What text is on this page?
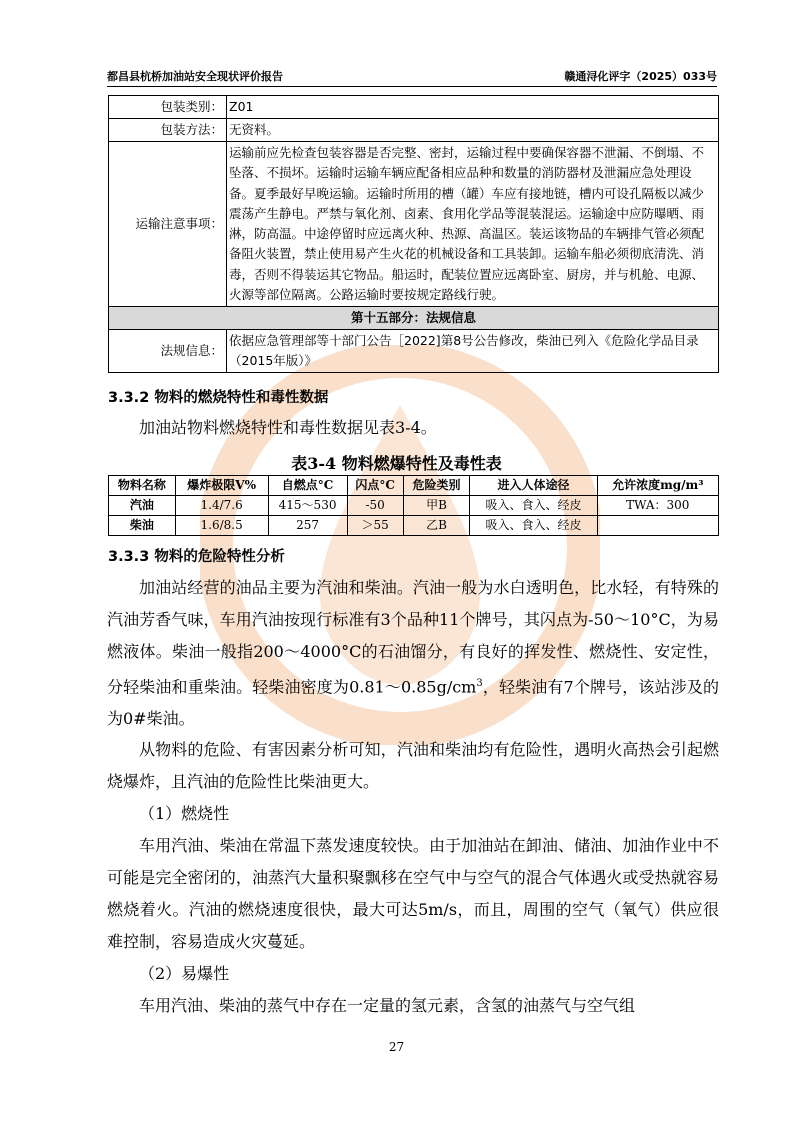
都昌县杭桥加油站安全现状评价报告	赣通浔化评字（2025）033号
包装类别：	Z01
包装方法：	无资料。
运输注意事项：	运输前应先检查包装容器是否完整、密封，运输过程中要确保容器不泄漏、不倒塌、不坠落、不损坏。运输时运输车辆应配备相应品种和数量的消防器材及泄漏应急处理设备。夏季最好早晚运输。运输时所用的槽（罐）车应有接地链，槽内可设孔隔板以减少震荡产生静电。严禁与氧化剂、卤素、食用化学品等混装混运。运输途中应防曝晒、雨淋，防高温。中途停留时应远离火种、热源、高温区。装运该物品的车辆排气管必须配备阻火装置，禁止使用易产生火花的机械设备和工具装卸。运输车船必须彻底清洗、消毒，否则不得装运其它物品。船运时，配装位置应远离卧室、厨房，并与机舱、电源、火源等部位隔离。公路运输时要按规定路线行驶。
第十五部分：法规信息	
法规信息：	依据应急管理部等十部门公告［2022]第8号公告修改，柴油已列入《危险化学品目录（2015年版）》
3.3.2 物料的燃烧特性和毒性数据
加油站物料燃烧特性和毒性数据见表3-4。
表3-4 物料燃爆特性及毒性表
物料名称	爆炸极限V%	自燃点°C	闪点°C	危险类别	进入人体途径	允许浓度mg/m³
汽油	1.4/7.6	415～530	-50	甲B	吸入、食入、经皮	TWA：300
柴油	1.6/8.5	257	＞55	乙B	吸入、食入、经皮	
3.3.3 物料的危险特性分析
加油站经营的油品主要为汽油和柴油。汽油一般为水白透明色，比水轻，有特殊的汽油芳香气味，车用汽油按现行标准有3个品种11个牌号，其闪点为-50～10°C，为易燃液体。柴油一般指200～4000°C的石油馏分，有良好的挥发性、燃烧性、安定性，分轻柴油和重柴油。轻柴油密度为$0.81\sim 0.85g/cm^3$，轻柴油有7个牌号，该站涉及的为0#柴油。
从物料的危险、有害因素分析可知，汽油和柴油均有危险性，遇明火高热会引起燃烧爆炸，且汽油的危险性比柴油更大。
（1）燃烧性
车用汽油、柴油在常温下蒸发速度较快。由于加油站在卸油、储油、加油作业中不可能是完全密闭的，油蒸汽大量积聚飘移在空气中与空气的混合气体遇火或受热就容易燃烧着火。汽油的燃烧速度很快，最大可达5m/s，而且，周围的空气（氧气）供应很难控制，容易造成火灾蔓延。
（2）易爆性
车用汽油、柴油的蒸气中存在一定量的氢元素，含氢的油蒸气与空气组
27
